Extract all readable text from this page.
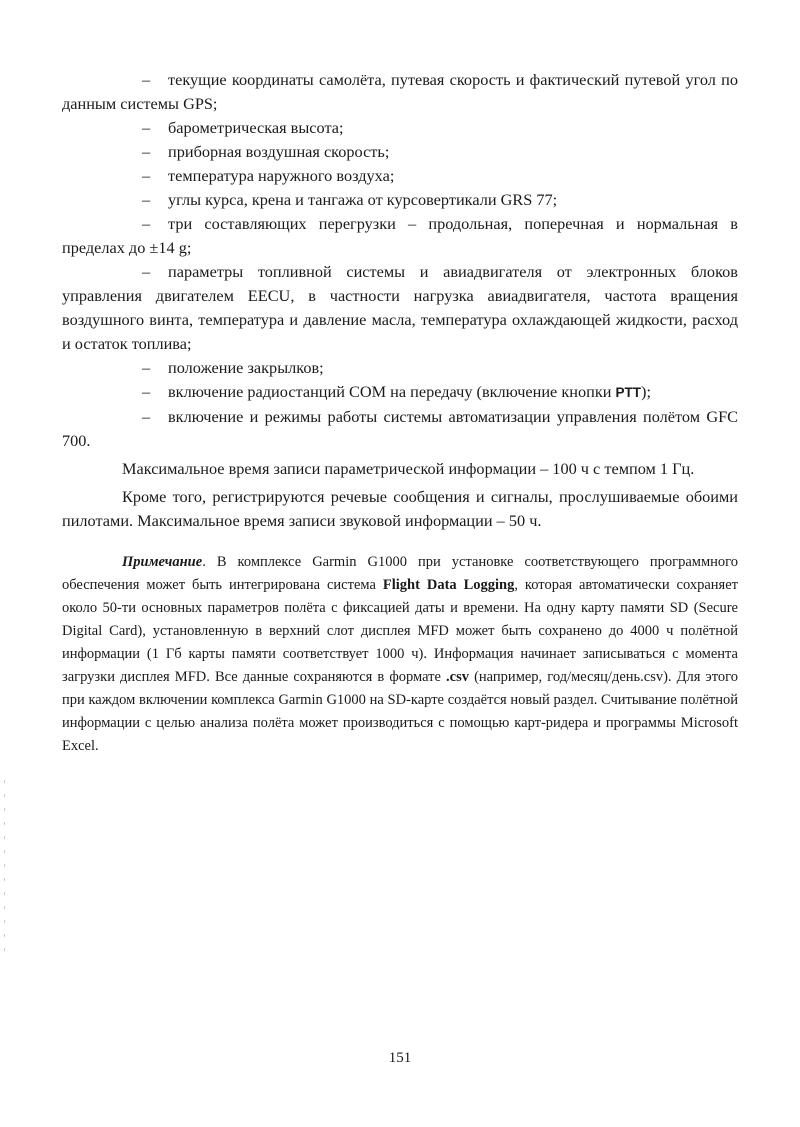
– текущие координаты самолёта, путевая скорость и фактический путевой угол по данным системы GPS;

– барометрическая высота;

– приборная воздушная скорость;

– температура наружного воздуха;

– углы курса, крена и тангажа от курсовертикали GRS 77;

– три составляющих перегрузки – продольная, поперечная и нормальная в пределах до ±14 g;

– параметры топливной системы и авиадвигателя от электронных блоков управления двигателем EECU, в частности нагрузка авиадвигателя, частота вращения воздушного винта, температура и давление масла, температура охлаждающей жидкости, расход и остаток топлива;

– положение закрылков;

– включение радиостанций COM на передачу (включение кнопки PTT);

– включение и режимы работы системы автоматизации управления полётом GFC 700.

Максимальное время записи параметрической информации – 100 ч с темпом 1 Гц.

Кроме того, регистрируются речевые сообщения и сигналы, прослушиваемые обоими пилотами. Максимальное время записи звуковой информации – 50 ч.

Примечание. В комплексе Garmin G1000 при установке соответствующего программного обеспечения может быть интегрирована система Flight Data Logging, которая автоматически сохраняет около 50-ти основных параметров полёта с фиксацией даты и времени. На одну карту памяти SD (Secure Digital Card), установленную в верхний слот дисплея MFD может быть сохранено до 4000 ч полётной информации (1 Гб карты памяти соответствует 1000 ч). Информация начинает записываться с момента загрузки дисплея MFD. Все данные сохраняются в формате .csv (например, год/месяц/день.csv). Для этого при каждом включении комплекса Garmin G1000 на SD-карте создаётся новый раздел. Считывание полётной информации с целью анализа полёта может производиться с помощью карт-ридера и программы Microsoft Excel.

151
